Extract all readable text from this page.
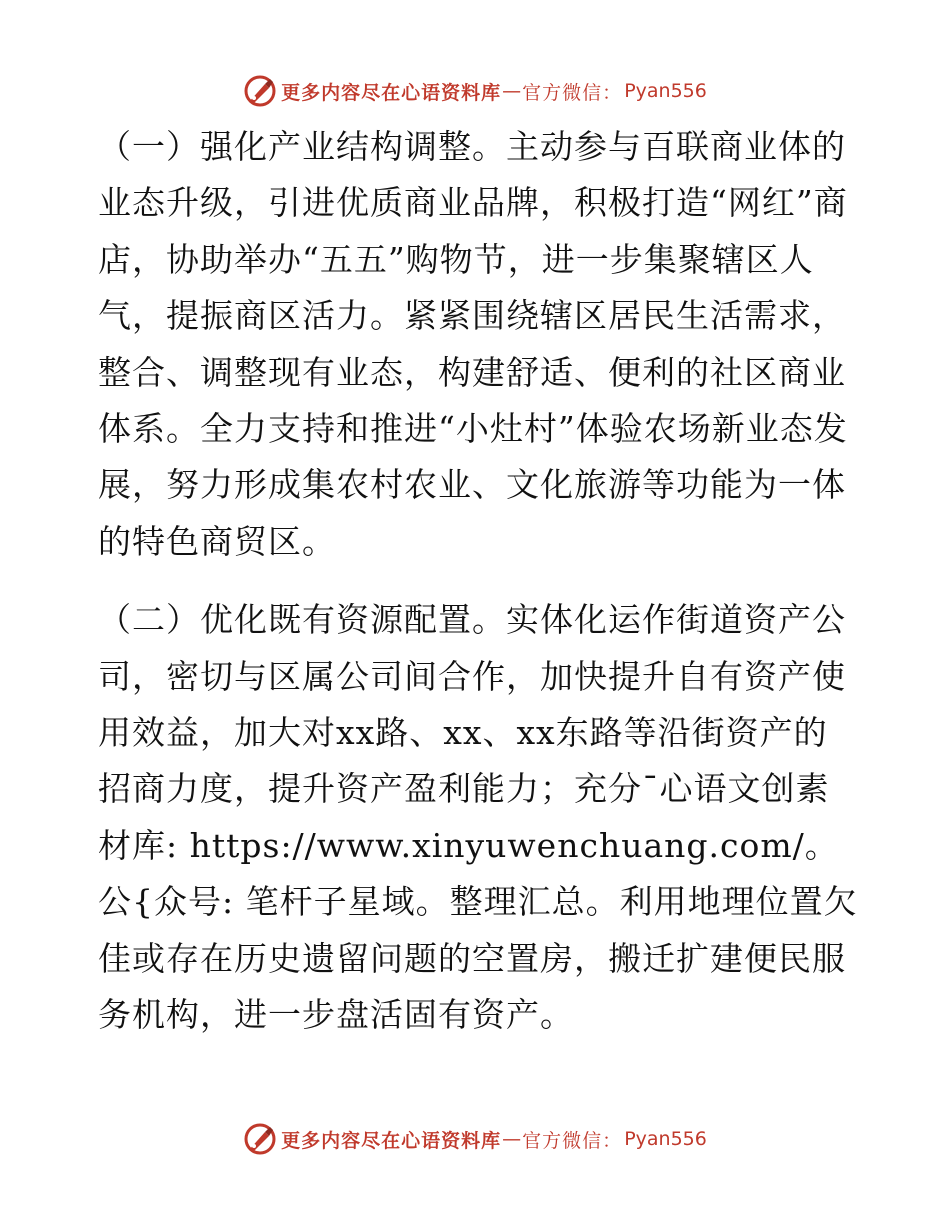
更多内容尽在心语资料库 — 官方微信： Pyan556

（一）强化产业结构调整。主动参与百联商业体的业态升级，引进优质商业品牌，积极打造“网红”商店，协助举办“五五”购物节，进一步集聚辖区人气，提振商区活力。紧紧围绕辖区居民生活需求，整合、调整现有业态，构建舒适、便利的社区商业体系。全力支持和推进“小灶村”体验农场新业态发展，努力形成集农村农业、文化旅游等功能为一体的特色商贸区。

（二）优化既有资源配置。实体化运作街道资产公司，密切与区属公司间合作，加快提升自有资产使用效益，加大对xx路、xx、xx东路等沿街资产的招商力度，提升资产盈利能力；充分¯心语文创素材库: https://www.xinyuwenchuang.com/。公{众号: 笔杆子星域。整理汇总。利用地理位置欠佳或存在历史遗留问题的空置房，搬迁扩建便民服务机构，进一步盘活固有资产。

更多内容尽在心语资料库 — 官方微信： Pyan556
